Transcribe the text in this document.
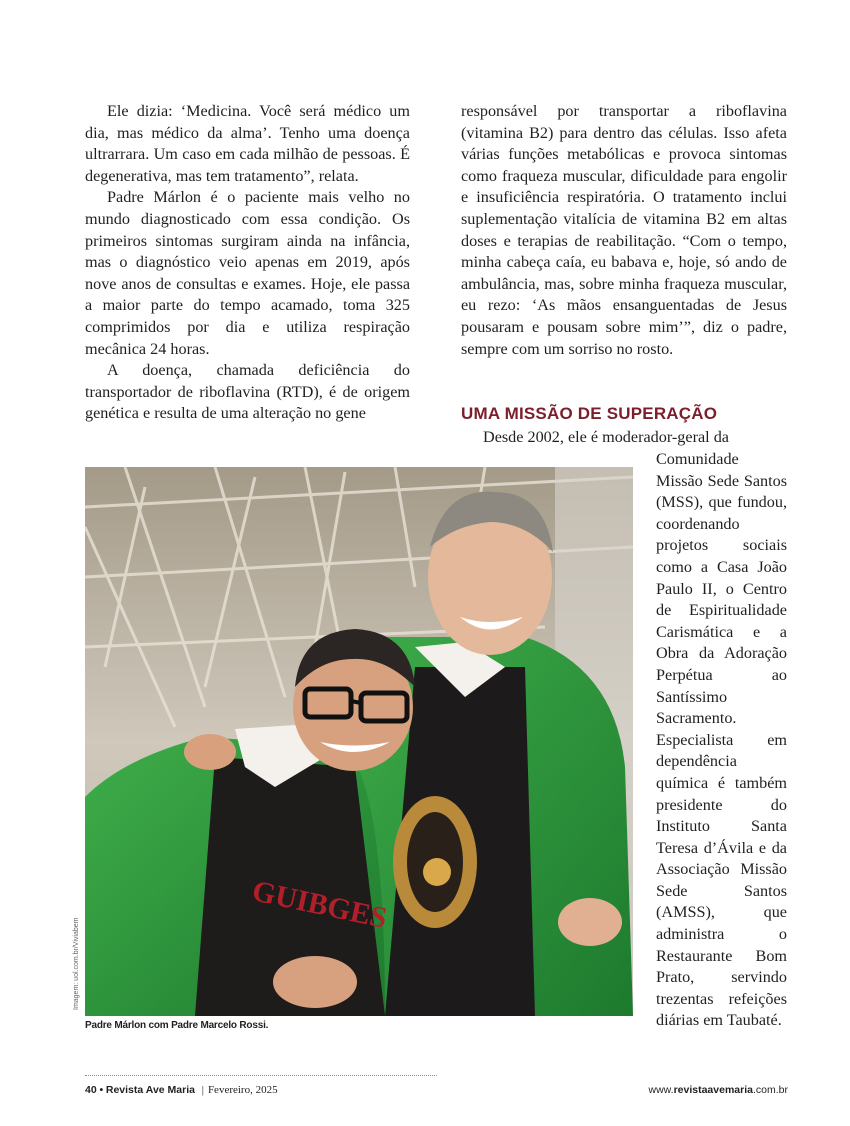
Ele dizia: ‘Medicina. Você será médico um dia, mas médico da alma’. Tenho uma doença ultrarrara. Um caso em cada milhão de pessoas. É degenerativa, mas tem tratamento”, relata.

Padre Márlon é o paciente mais velho no mundo diagnosticado com essa condição. Os primeiros sintomas surgiram ainda na infância, mas o diagnóstico veio apenas em 2019, após nove anos de consultas e exames. Hoje, ele passa a maior parte do tempo acamado, toma 325 comprimidos por dia e utiliza respiração mecânica 24 horas.

A doença, chamada deficiência do transportador de riboflavina (RTD), é de origem genética e resulta de uma alteração no gene

responsável por transportar a riboflavina (vitamina B2) para dentro das células. Isso afeta várias funções metabólicas e provoca sintomas como fraqueza muscular, dificuldade para engolir e insuficiência respiratória. O tratamento inclui suplementação vitalícia de vitamina B2 em altas doses e terapias de reabilitação. “Com o tempo, minha cabeça caía, eu babava e, hoje, só ando de ambulância, mas, sobre minha fraqueza muscular, eu rezo: ‘As mãos ensanguentadas de Jesus pousaram e pousam sobre mim’”, diz o padre, sempre com um sorriso no rosto.

UMA MISSÃO DE SUPERAÇÃO

Desde 2002, ele é moderador-geral da

Comunidade Missão Sede Santos (MSS), que fundou, coordenando projetos sociais como a Casa João Paulo II, o Centro de Espiritualidade Carismática e a Obra da Adoração Perpétua ao Santíssimo Sacramento. Especialista em dependência química é também presidente do Instituto Santa Teresa d’Ávila e da Associação Missão Sede Santos (AMSS), que administra o Restaurante Bom Prato, servindo trezentas refeições diárias em Taubaté.

GUIBGES
Imagem: uol.com.br/Viviabem
Padre Márlon com Padre Marcelo Rossi.
40 • Revista Ave Maria | Fevereiro, 2025	www.revistaavemaria.com.br
